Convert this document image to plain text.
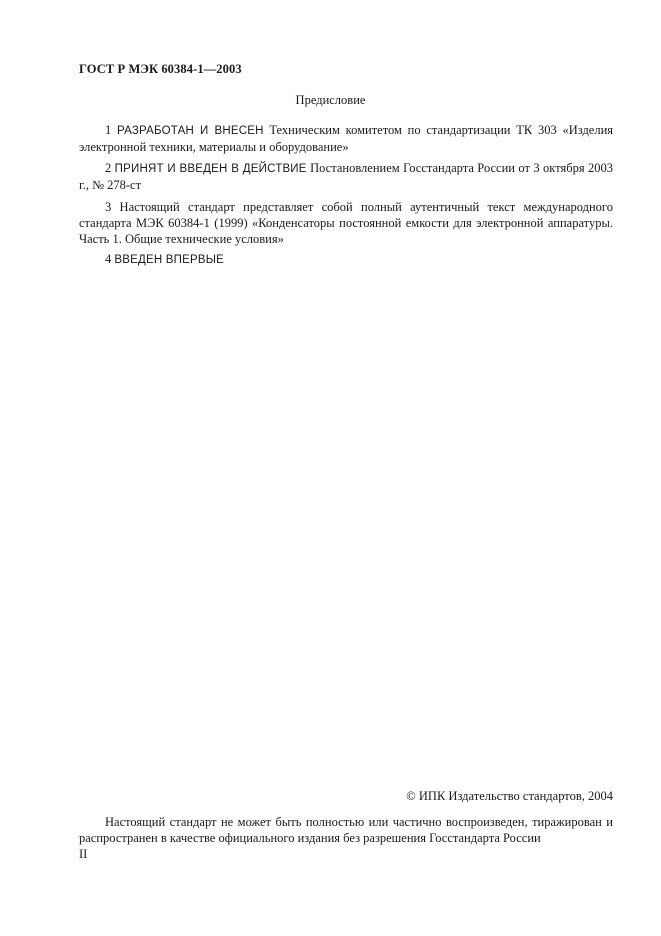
ГОСТ Р МЭК 60384-1—2003
Предисловие
1 РАЗРАБОТАН И ВНЕСЕН Техническим комитетом по стандартизации ТК 303 «Изделия электронной техники, материалы и оборудование»
2 ПРИНЯТ И ВВЕДЕН В ДЕЙСТВИЕ Постановлением Госстандарта России от 3 октября 2003 г., № 278-ст
3 Настоящий стандарт представляет собой полный аутентичный текст международного стандарта МЭК 60384-1 (1999) «Конденсаторы постоянной емкости для электронной аппаратуры. Часть 1. Общие технические условия»
4 ВВЕДЕН ВПЕРВЫЕ
© ИПК Издательство стандартов, 2004
Настоящий стандарт не может быть полностью или частично воспроизведен, тиражирован и распространен в качестве официального издания без разрешения Госстандарта России
II
